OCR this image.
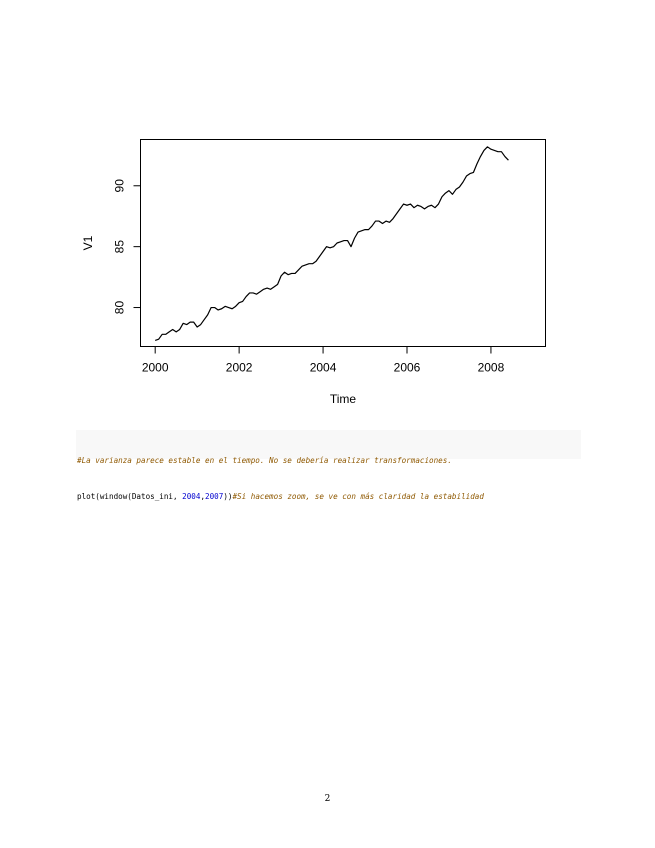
2000	2002	2004	2006	2008
80
85
90
Time
V1

#La varianza parece estable en el tiempo. No se debería realizar transformaciones.

plot(window(Datos_ini, 2004,2007))#Si hacemos zoom, se ve con más claridad la estabilidad

2
